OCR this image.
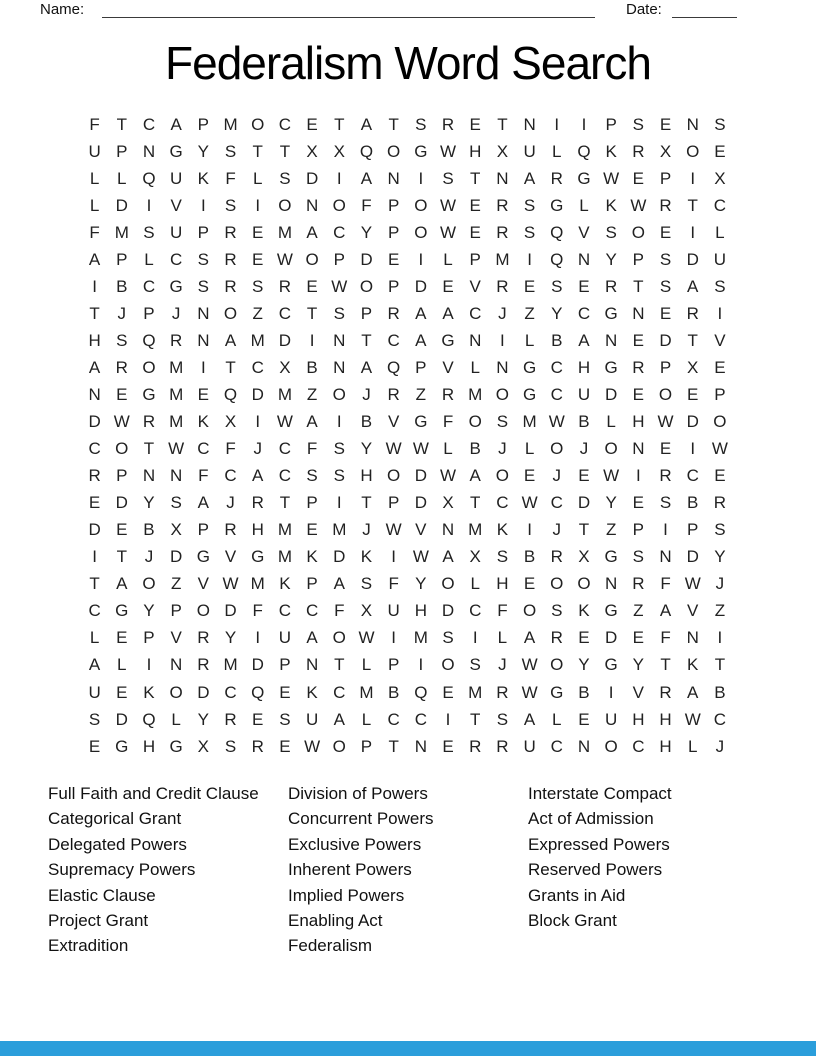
Name:	Date:
Federalism Word Search
F T C A P M O C E T A T S R E T N	I	I	P S E N S
U P N G Y S T T X X Q O G W H X U L Q K R X O E
L	L Q U K F	L S D	I	A N	I	S T N A R G W E P	I	X
L D	I	V	I	S	I	O N O F P O W E R S G L K W R T C
F M S U P R E M A C Y P O W E R S Q V S O E	I	L
A P L C S R E W O P D E	I	L P M	I	Q N Y P S D U
I	B C G S R S R E W O P D E V R E S E R T S A S
T	J	P	J N O Z C T S P R A A C J	Z Y C G N E R	I
H S Q R N A M D	I	N T C A G N	I	L B A N E D T V
A R O M	I	T C X B N A Q P V L N G C H G R P X E
N E G M E Q D M Z O J R Z R M O G C U D E O E P
D W R M K X	I W A	I	B V G F O S M W B L H W D O
C O T W C F	J C F S Y W W L B	J	L O J O N E	I W
R P N N F C A C S S H O D W A O E	J	E W I	R C E
E D Y S A	J R T P	I	T P D X T C W C D Y E S B R
D E B X P R H M E M J W V N M K	I	J	T Z P	I	P S
I	T	J D G V G M K D K	I W A X S B R X G S N D Y
T A O Z V W M K P A S F Y O L H E O O N R F W J
C G Y P O D F C C F X U H D C F O S K G Z A V Z
L E P V R Y	I	U A O W I	M S	I	L A R E D E F N	I
A L	I	N R M D P N T	L P	I	O S	J W O Y G Y T K T
U E K O D C Q E K C M B Q E M R W G B	I	V R A B
S D Q L Y R E S U A L C C	I	T S A L E U H H W C
E G H G X S R E W O P T N E R R U C N O C H L	J
Full Faith and Credit Clause
Categorical Grant
Delegated Powers
Supremacy Powers
Elastic Clause
Project Grant
Extradition
Division of Powers
Concurrent Powers
Exclusive Powers
Inherent Powers
Implied Powers
Enabling Act
Federalism
Interstate Compact
Act of Admission
Expressed Powers
Reserved Powers
Grants in Aid
Block Grant
